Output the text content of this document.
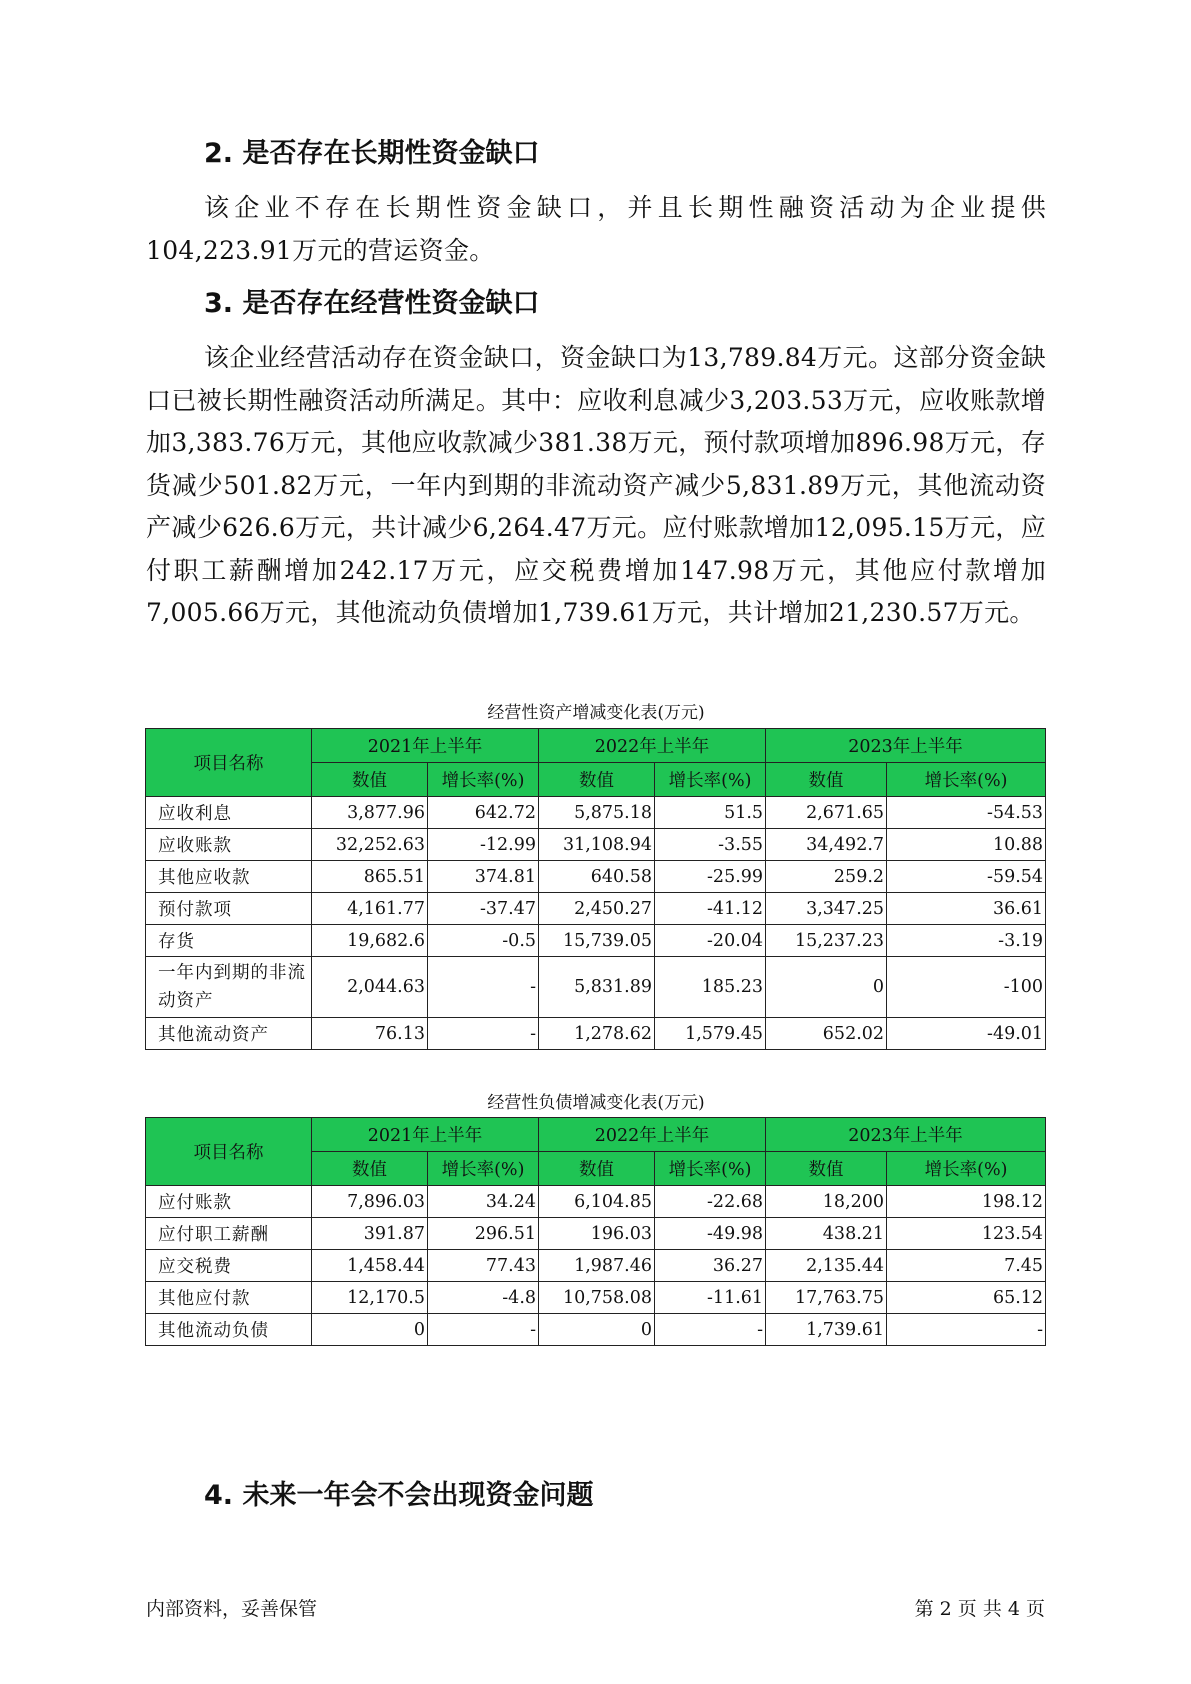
2. 是否存在长期性资金缺口

该企业不存在长期性资金缺口，并且长期性融资活动为企业提供104,223.91万元的营运资金。

3. 是否存在经营性资金缺口

该企业经营活动存在资金缺口，资金缺口为13,789.84万元。这部分资金缺口已被长期性融资活动所满足。其中：应收利息减少3,203.53万元，应收账款增加3,383.76万元，其他应收款减少381.38万元，预付款项增加896.98万元，存货减少501.82万元，一年内到期的非流动资产减少5,831.89万元，其他流动资产减少626.6万元，共计减少6,264.47万元。应付账款增加12,095.15万元，应付职工薪酬增加242.17万元，应交税费增加147.98万元，其他应付款增加7,005.66万元，其他流动负债增加1,739.61万元，共计增加21,230.57万元。

经营性资产增减变化表(万元)
项目名称	2021年上半年		2022年上半年		2023年上半年	
	数值	增长率(%)	数值	增长率(%)	数值	增长率(%)
应收利息	3,877.96	642.72	5,875.18	51.5	2,671.65	-54.53
应收账款	32,252.63	-12.99	31,108.94	-3.55	34,492.7	10.88
其他应收款	865.51	374.81	640.58	-25.99	259.2	-59.54
预付款项	4,161.77	-37.47	2,450.27	-41.12	3,347.25	36.61
存货	19,682.6	-0.5	15,739.05	-20.04	15,237.23	-3.19
一年内到期的非流动资产	2,044.63	-	5,831.89	185.23	0	-100
其他流动资产	76.13	-	1,278.62	1,579.45	652.02	-49.01
经营性负债增减变化表(万元)
项目名称	2021年上半年		2022年上半年		2023年上半年	
	数值	增长率(%)	数值	增长率(%)	数值	增长率(%)
应付账款	7,896.03	34.24	6,104.85	-22.68	18,200	198.12
应付职工薪酬	391.87	296.51	196.03	-49.98	438.21	123.54
应交税费	1,458.44	77.43	1,987.46	36.27	2,135.44	7.45
其他应付款	12,170.5	-4.8	10,758.08	-11.61	17,763.75	65.12
其他流动负债	0	-	0	-	1,739.61	-
4. 未来一年会不会出现资金问题
内部资料，妥善保管	第 2 页 共 4 页
